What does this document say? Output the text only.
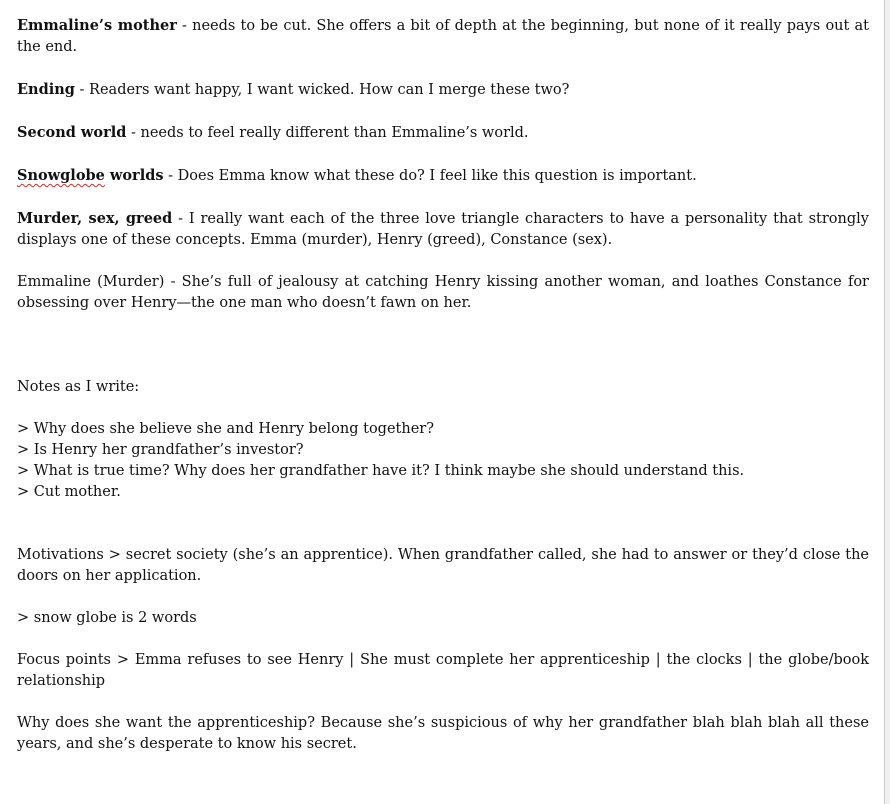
Emmaline’s mother - needs to be cut. She offers a bit of depth at the beginning, but none of it really pays out at the end.

Ending - Readers want happy, I want wicked. How can I merge these two?

Second world - needs to feel really different than Emmaline’s world.

Snowglobe worlds - Does Emma know what these do? I feel like this question is important.

Murder, sex, greed - I really want each of the three love triangle characters to have a personality that strongly displays one of these concepts. Emma (murder), Henry (greed), Constance (sex).

Emmaline (Murder) - She’s full of jealousy at catching Henry kissing another woman, and loathes Constance for obsessing over Henry—the one man who doesn’t fawn on her.

Notes as I write:

> Why does she believe she and Henry belong together?
> Is Henry her grandfather’s investor?
> What is true time? Why does her grandfather have it? I think maybe she should understand this.
> Cut mother.

Motivations > secret society (she’s an apprentice). When grandfather called, she had to answer or they’d close the doors on her application.

> snow globe is 2 words

Focus points > Emma refuses to see Henry | She must complete her apprenticeship | the clocks | the globe/book relationship

Why does she want the apprenticeship? Because she’s suspicious of why her grandfather blah blah blah all these years, and she’s desperate to know his secret.
